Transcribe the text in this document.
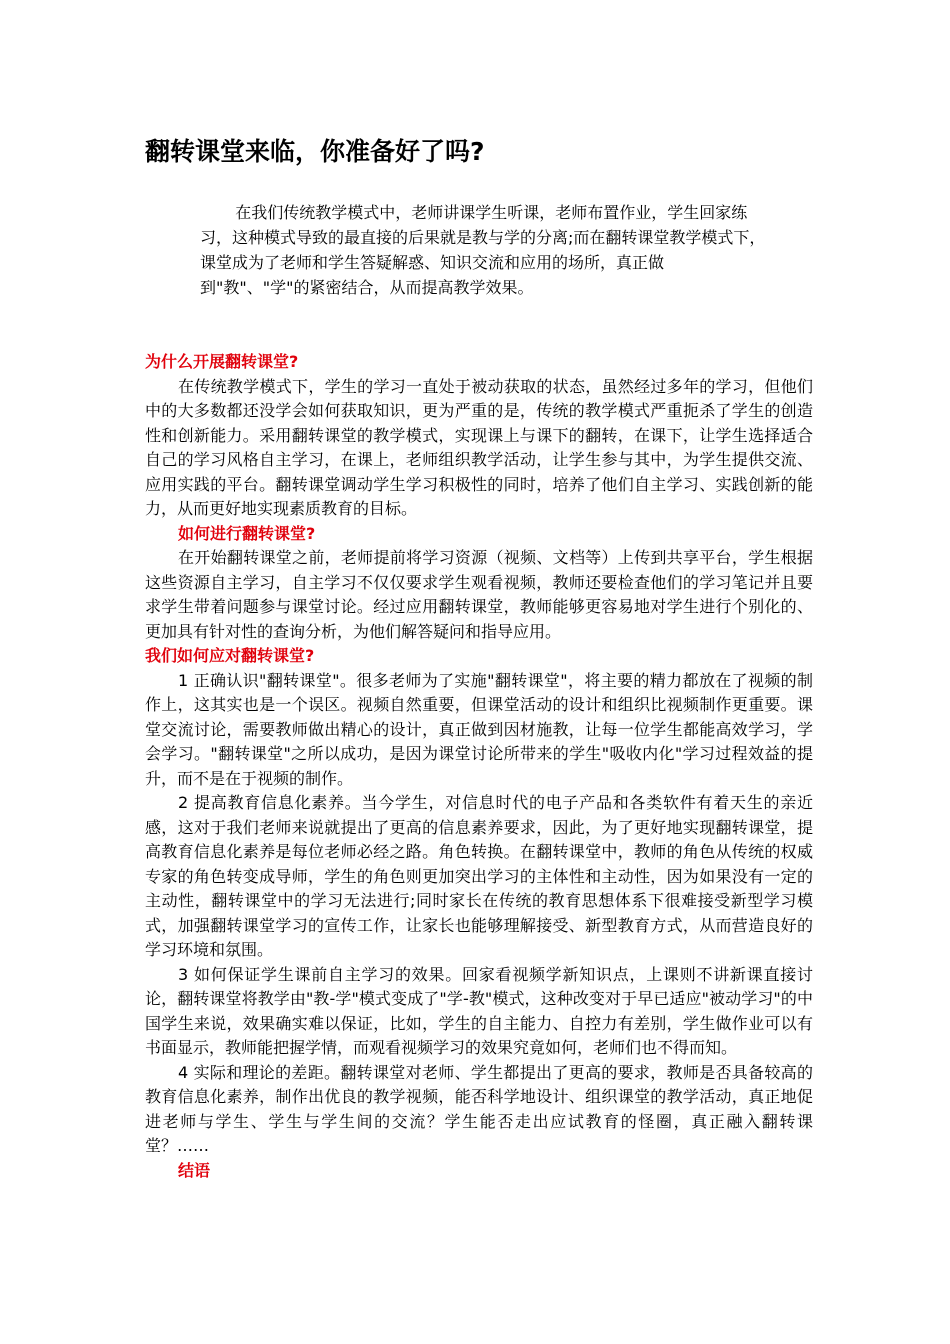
翻转课堂来临，你准备好了吗?

在我们传统教学模式中，老师讲课学生听课，老师布置作业，学生回家练习，这种模式导致的最直接的后果就是教与学的分离;而在翻转课堂教学模式下，课堂成为了老师和学生答疑解惑、知识交流和应用的场所，真正做到"教"、"学"的紧密结合，从而提高教学效果。

为什么开展翻转课堂?

在传统教学模式下，学生的学习一直处于被动获取的状态，虽然经过多年的学习，但他们中的大多数都还没学会如何获取知识，更为严重的是，传统的教学模式严重扼杀了学生的创造性和创新能力。采用翻转课堂的教学模式，实现课上与课下的翻转，在课下，让学生选择适合自己的学习风格自主学习，在课上，老师组织教学活动，让学生参与其中，为学生提供交流、应用实践的平台。翻转课堂调动学生学习积极性的同时，培养了他们自主学习、实践创新的能力，从而更好地实现素质教育的目标。

如何进行翻转课堂?

在开始翻转课堂之前，老师提前将学习资源（视频、文档等）上传到共享平台，学生根据这些资源自主学习，自主学习不仅仅要求学生观看视频，教师还要检查他们的学习笔记并且要求学生带着问题参与课堂讨论。经过应用翻转课堂，教师能够更容易地对学生进行个别化的、更加具有针对性的查询分析，为他们解答疑问和指导应用。

我们如何应对翻转课堂?

1 正确认识"翻转课堂"。很多老师为了实施"翻转课堂"，将主要的精力都放在了视频的制作上，这其实也是一个误区。视频自然重要，但课堂活动的设计和组织比视频制作更重要。课堂交流讨论，需要教师做出精心的设计，真正做到因材施教，让每一位学生都能高效学习，学会学习。"翻转课堂"之所以成功，是因为课堂讨论所带来的学生"吸收内化"学习过程效益的提升，而不是在于视频的制作。

2 提高教育信息化素养。当今学生，对信息时代的电子产品和各类软件有着天生的亲近感，这对于我们老师来说就提出了更高的信息素养要求，因此，为了更好地实现翻转课堂，提高教育信息化素养是每位老师必经之路。角色转换。在翻转课堂中，教师的角色从传统的权威专家的角色转变成导师，学生的角色则更加突出学习的主体性和主动性，因为如果没有一定的主动性，翻转课堂中的学习无法进行;同时家长在传统的教育思想体系下很难接受新型学习模式，加强翻转课堂学习的宣传工作，让家长也能够理解接受、新型教育方式，从而营造良好的学习环境和氛围。

3 如何保证学生课前自主学习的效果。回家看视频学新知识点，上课则不讲新课直接讨论，翻转课堂将教学由"教-学"模式变成了"学-教"模式，这种改变对于早已适应"被动学习"的中国学生来说，效果确实难以保证，比如，学生的自主能力、自控力有差别，学生做作业可以有书面显示，教师能把握学情，而观看视频学习的效果究竟如何，老师们也不得而知。

4 实际和理论的差距。翻转课堂对老师、学生都提出了更高的要求，教师是否具备较高的教育信息化素养，制作出优良的教学视频，能否科学地设计、组织课堂的教学活动，真正地促进老师与学生、学生与学生间的交流？学生能否走出应试教育的怪圈，真正融入翻转课堂？……

结语
